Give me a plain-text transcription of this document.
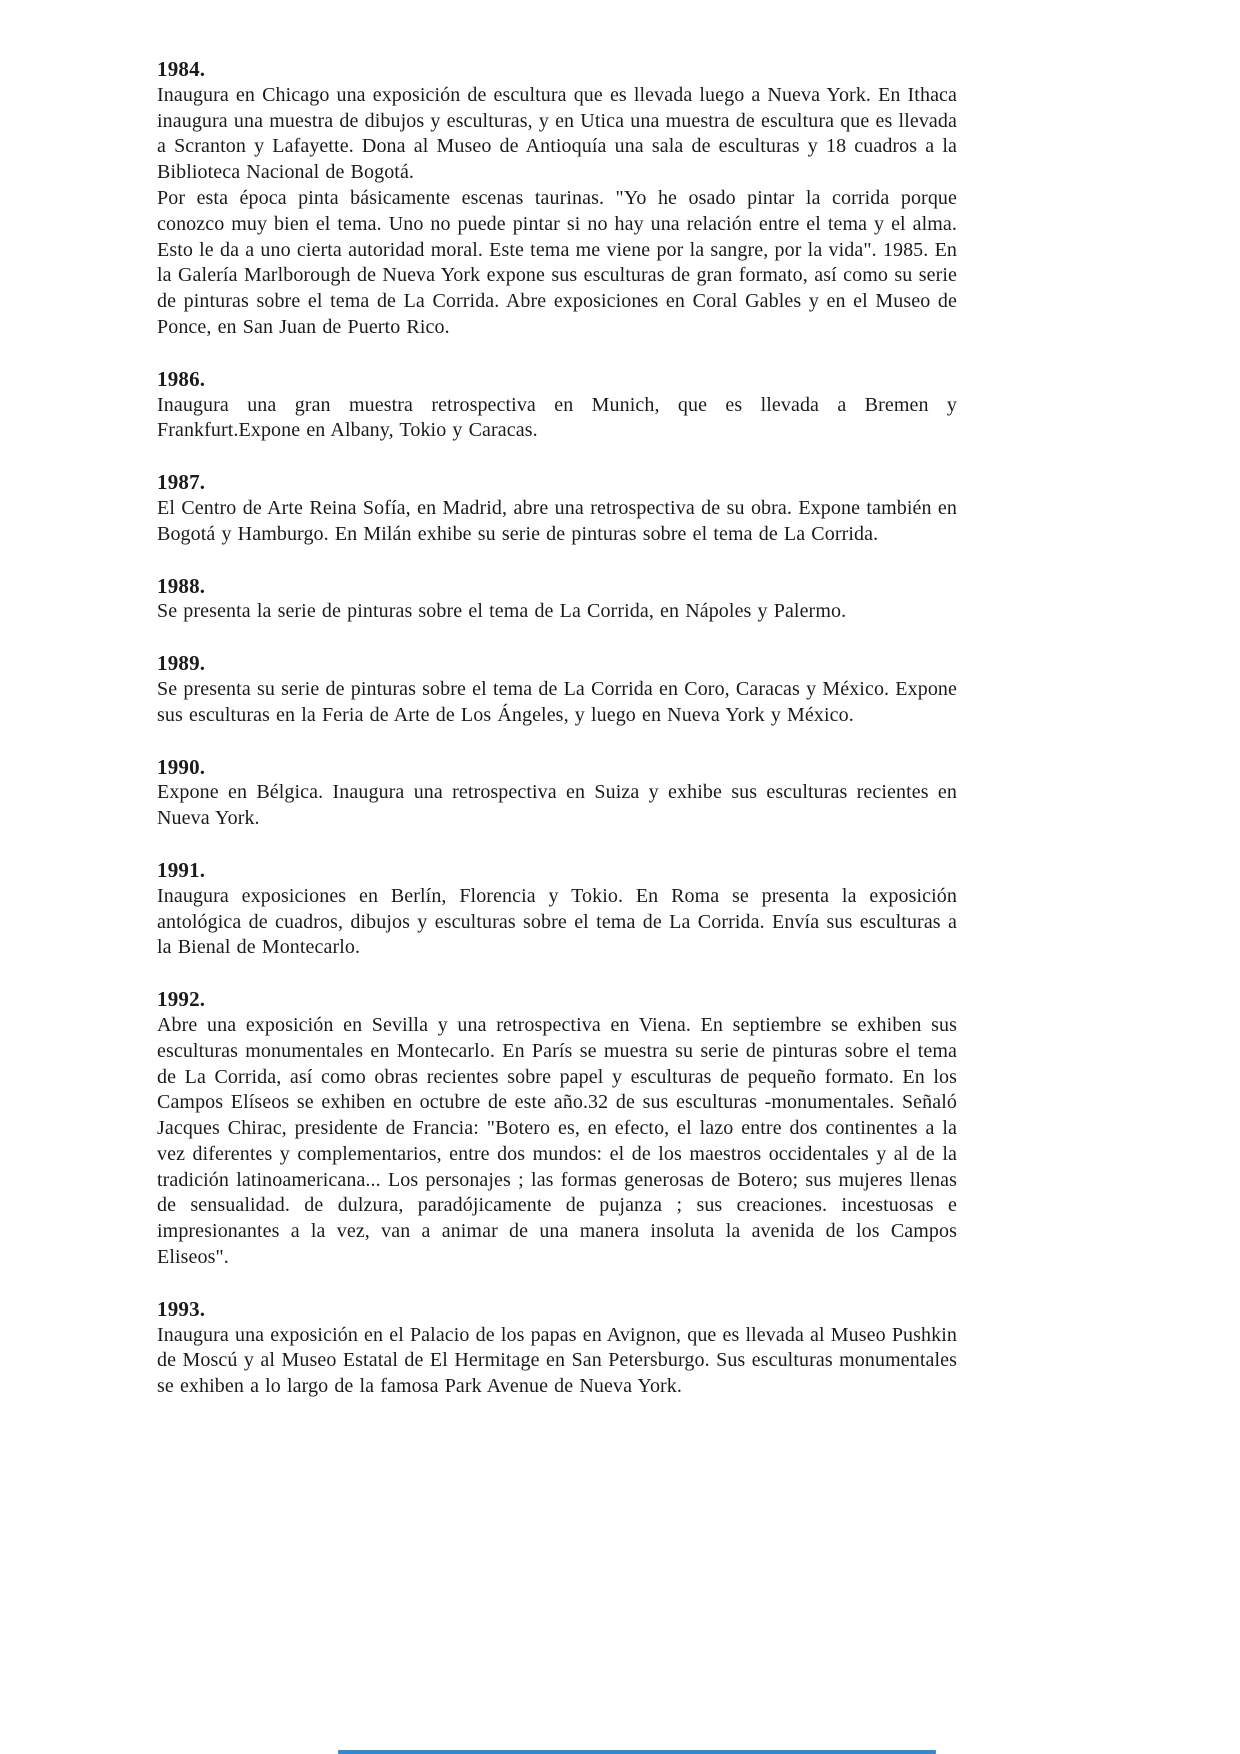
1984.

Inaugura en Chicago una exposición de escultura que es llevada luego a Nueva York. En Ithaca inaugura una muestra de dibujos y esculturas, y en Utica una muestra de escultura que es llevada a Scranton y Lafayette. Dona al Museo de Antioquía una sala de esculturas y 18 cuadros a la Biblioteca Nacional de Bogotá.

Por esta época pinta básicamente escenas taurinas. "Yo he osado pintar la corrida porque conozco muy bien el tema. Uno no puede pintar si no hay una relación entre el tema y el alma. Esto le da a uno cierta autoridad moral. Este tema me viene por la sangre, por la vida". 1985. En la Galería Marlborough de Nueva York expone sus esculturas de gran formato, así como su serie de pinturas sobre el tema de La Corrida. Abre exposiciones en Coral Gables y en el Museo de Ponce, en San Juan de Puerto Rico.

1986.

Inaugura una gran muestra retrospectiva en Munich, que es llevada a Bremen y Frankfurt.Expone en Albany, Tokio y Caracas.

1987.

El Centro de Arte Reina Sofía, en Madrid, abre una retrospectiva de su obra. Expone también en Bogotá y Hamburgo. En Milán exhibe su serie de pinturas sobre el tema de La Corrida.

1988.

Se presenta la serie de pinturas sobre el tema de La Corrida, en Nápoles y Palermo.

1989.

Se presenta su serie de pinturas sobre el tema de La Corrida en Coro, Caracas y México. Expone sus esculturas en la Feria de Arte de Los Ángeles, y luego en Nueva York y México.

1990.

Expone en Bélgica. Inaugura una retrospectiva en Suiza y exhibe sus esculturas recientes en Nueva York.

1991.

Inaugura exposiciones en Berlín, Florencia y Tokio. En Roma se presenta la exposición antológica de cuadros, dibujos y esculturas sobre el tema de La Corrida. Envía sus esculturas a la Bienal de Montecarlo.

1992.

Abre una exposición en Sevilla y una retrospectiva en Viena. En septiembre se exhiben sus esculturas monumentales en Montecarlo. En París se muestra su serie de pinturas sobre el tema de La Corrida, así como obras recientes sobre papel y esculturas de pequeño formato. En los Campos Elíseos se exhiben en octubre de este año.32 de sus esculturas -monumentales. Señaló Jacques Chirac, presidente de Francia: "Botero es, en efecto, el lazo entre dos continentes a la vez diferentes y complementarios, entre dos mundos: el de los maestros occidentales y al de la tradición latinoamericana... Los personajes ; las formas generosas de Botero; sus mujeres llenas de sensualidad. de dulzura, paradójicamente de pujanza ; sus creaciones. incestuosas e impresionantes a la vez, van a animar de una manera insoluta la avenida de los Campos Eliseos".

1993.

Inaugura una exposición en el Palacio de los papas en Avignon, que es llevada al Museo Pushkin de Moscú y al Museo Estatal de El Hermitage en San Petersburgo. Sus esculturas monumentales se exhiben a lo largo de la famosa Park Avenue de Nueva York.
